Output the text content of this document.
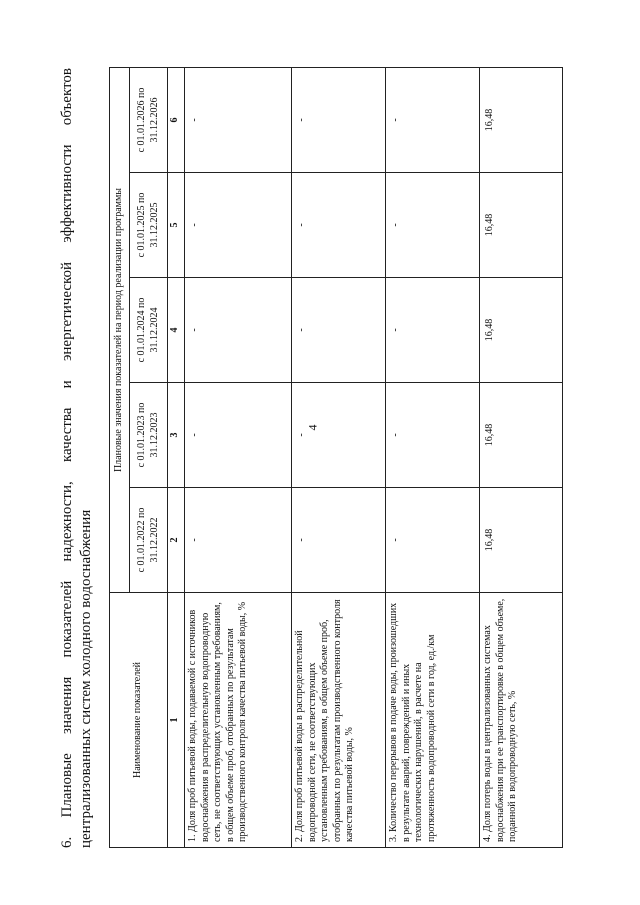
4
6. Плановые значения показателей надежности, качества и энергетической эффективности объектов централизованных систем холодного водоснабжения	Наименование показателей	Плановые значения показателей на период реализации программы				
	с 01.01.2022 по 31.12.2022	с 01.01.2023 по 31.12.2023	с 01.01.2024 по 31.12.2024	с 01.01.2025 по 31.12.2025	с 01.01.2026 по 31.12.2026
1	2	3	4	5	6
1. Доля проб питьевой воды, подаваемой с источников водоснабжения в распределительную водопроводную сеть, не соответствующих установленным требованиям, в общем объеме проб, отобранных по результатам производственного контроля качества питьевой воды, %	-	-	-	-	-
2. Доля проб питьевой воды в распределительной водопроводной сети, не соответствующих установленным требованиям, в общем объеме проб, отобранных по результатам производственного контроля качества питьевой воды, %	-	-	-	-	-
3. Количество перерывов в подаче воды, произошедших в результате аварий, повреждений и иных технологических нарушений, в расчете на протяженность водопроводной сети в год, ед./км	-	-	-	-	-
4. Доля потерь воды в централизованных системах водоснабжения при ее транспортировке в общем объеме, поданной в водопроводную сеть, %	16,48	16,48	16,48	16,48	16,48
